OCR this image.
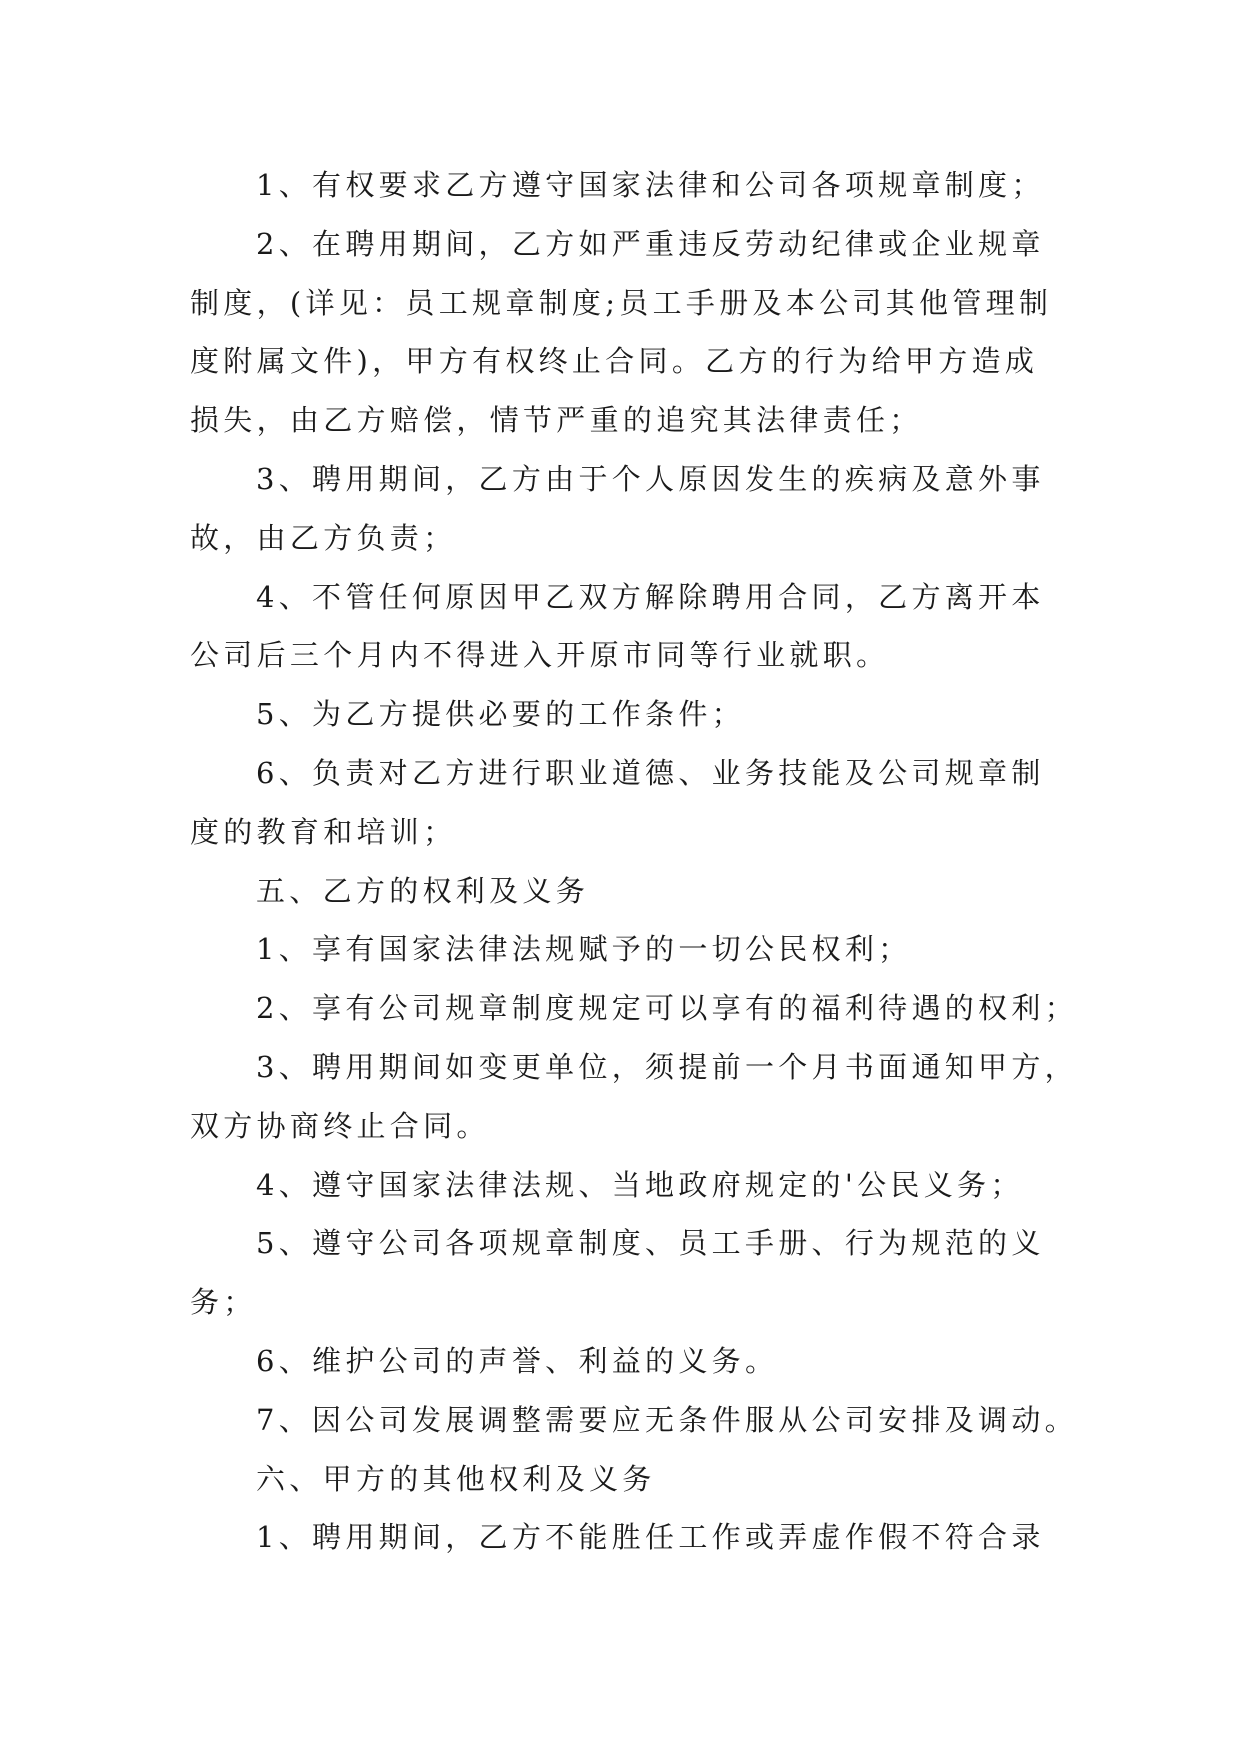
1、有权要求乙方遵守国家法律和公司各项规章制度；

2、在聘用期间，乙方如严重违反劳动纪律或企业规章
制度，(详见：员工规章制度;员工手册及本公司其他管理制
度附属文件)，甲方有权终止合同。乙方的行为给甲方造成
损失，由乙方赔偿，情节严重的追究其法律责任；

3、聘用期间，乙方由于个人原因发生的疾病及意外事
故，由乙方负责；

4、不管任何原因甲乙双方解除聘用合同，乙方离开本
公司后三个月内不得进入开原市同等行业就职。

5、为乙方提供必要的工作条件；

6、负责对乙方进行职业道德、业务技能及公司规章制
度的教育和培训；

五、乙方的权利及义务

1、享有国家法律法规赋予的一切公民权利；

2、享有公司规章制度规定可以享有的福利待遇的权利；

3、聘用期间如变更单位，须提前一个月书面通知甲方，
双方协商终止合同。

4、遵守国家法律法规、当地政府规定的'公民义务；

5、遵守公司各项规章制度、员工手册、行为规范的义
务；

6、维护公司的声誉、利益的义务。

7、因公司发展调整需要应无条件服从公司安排及调动。

六、甲方的其他权利及义务

1、聘用期间，乙方不能胜任工作或弄虚作假不符合录
